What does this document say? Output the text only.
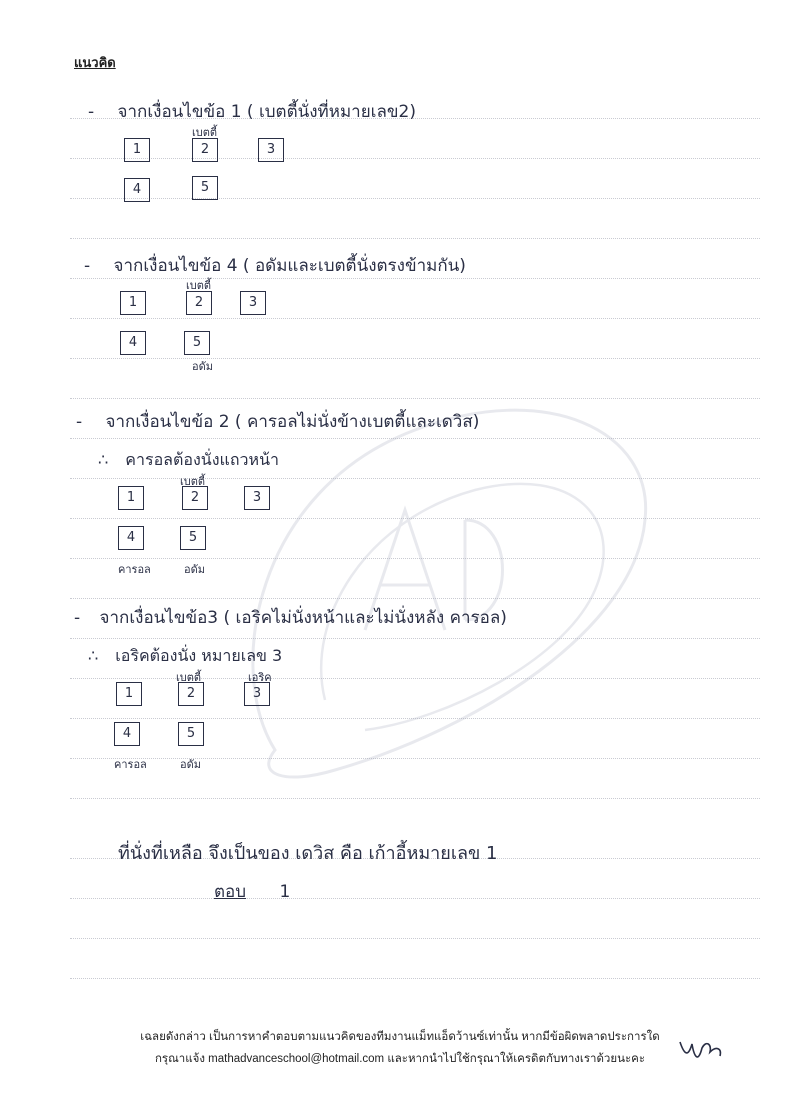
แนวคิด
- จากเงื่อนไขข้อ 1 ( เบตตี้นั่งที่หมายเลข2)
เบตตี้
1	2	3
4	5
- จากเงื่อนไขข้อ 4 ( อดัมและเบตตี้นั่งตรงข้ามกัน)
เบตตี้
1	2	3
4	5
อดัม
- จากเงื่อนไขข้อ 2 ( คารอลไม่นั่งข้างเบตตี้และเดวิส)
∴ คารอลต้องนั่งแถวหน้า
เบตตี้
1	2	3
4	5
คารอล	อดัม
- จากเงื่อนไขข้อ3 ( เอริคไม่นั่งหน้าและไม่นั่งหลัง คารอล)
∴ เอริคต้องนั่ง หมายเลข 3
เบตตี้	เอริค
1	2	3
4	5
คารอล	อดัม
ที่นั่งที่เหลือ จึงเป็นของ เดวิส คือ เก้าอี้หมายเลข 1
ตอบ 1
เฉลยดังกล่าว เป็นการหาคำตอบตามแนวคิดของทีมงานแม็ทแอ็ดว้านซ์เท่านั้น หากมีข้อผิดพลาดประการใด
กรุณาแจ้ง mathadvanceschool@hotmail.com และหากนำไปใช้กรุณาให้เครดิตกับทางเราด้วยนะคะ
